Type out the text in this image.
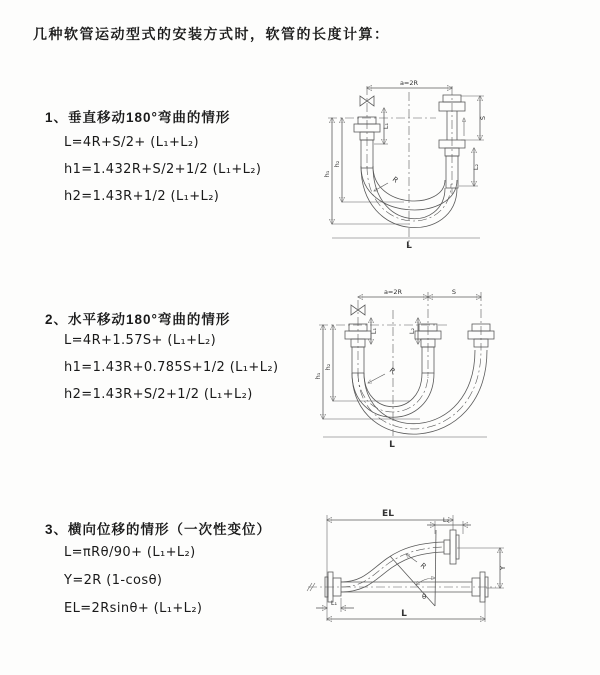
几种软管运动型式的安装方式时，软管的长度计算：
1、垂直移动180°弯曲的情形
L=4R+S/2+ (L₁+L₂)
h1=1.432R+S/2+1/2 (L₁+L₂)
h2=1.43R+1/2 (L₁+L₂)
a=2R
S
L₂
L₁
h₁
h₂
R
L
2、水平移动180°弯曲的情形
L=4R+1.57S+ (L₁+L₂)
h1=1.43R+0.785S+1/2 (L₁+L₂)
h2=1.43R+S/2+1/2 (L₁+L₂)
a=2R	S
L₁	L₂
h₁
h₂	R
L
3、横向位移的情形（一次性变位）
L=πRθ/90+ (L₁+L₂)
Y=2R (1-cosθ)
EL=2Rsinθ+ (L₁+L₂)
EL
L₂
θ
R	Y
L₁
L
